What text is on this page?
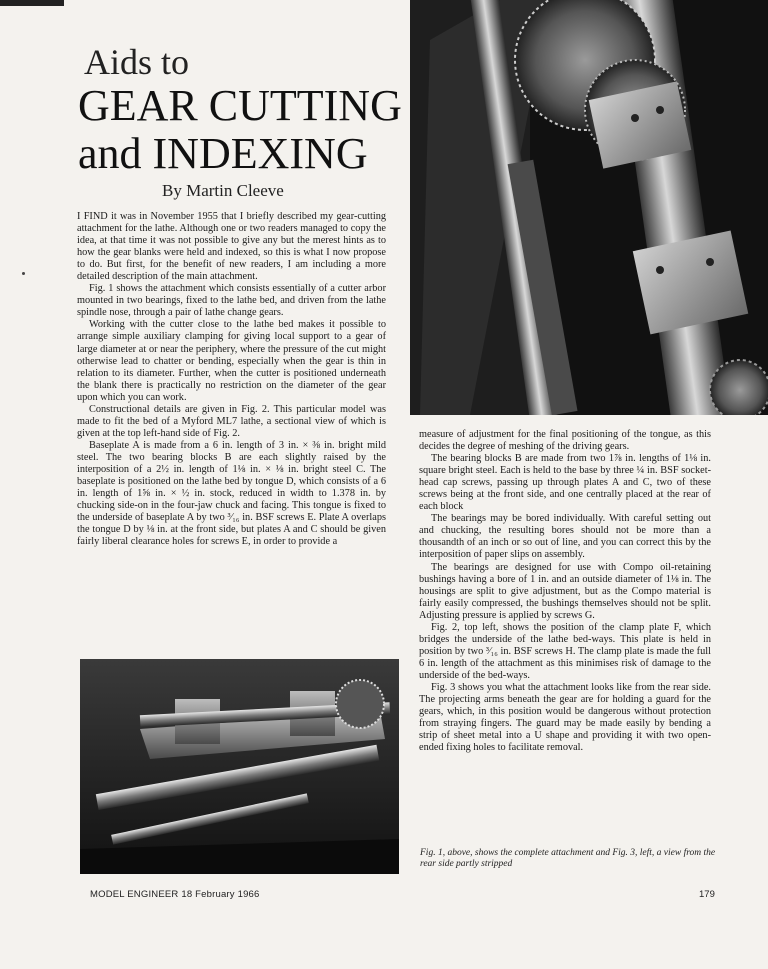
Aids to
GEAR CUTTING
and INDEXING
By Martin Cleeve

I FIND it was in November 1955 that I briefly described my gear-cutting attachment for the lathe. Although one or two readers managed to copy the idea, at that time it was not possible to give any but the merest hints as to how the gear blanks were held and indexed, so this is what I now propose to do. But first, for the benefit of new readers, I am including a more detailed description of the main attachment.

Fig. 1 shows the attachment which consists essentially of a cutter arbor mounted in two bearings, fixed to the lathe bed, and driven from the lathe spindle nose, through a pair of lathe change gears.

Working with the cutter close to the lathe bed makes it possible to arrange simple auxiliary clamping for giving local support to a gear of large diameter at or near the periphery, where the pressure of the cut might otherwise lead to chatter or bending, especially when the gear is thin in relation to its diameter. Further, when the cutter is positioned underneath the blank there is practically no restriction on the diameter of the gear upon which you can work.

Constructional details are given in Fig. 2. This particular model was made to fit the bed of a Myford ML7 lathe, a sectional view of which is given at the top left-hand side of Fig. 2.

Baseplate A is made from a 6 in. length of 3 in. × ⅜ in. bright mild steel. The two bearing blocks B are each slightly raised by the interposition of a 2½ in. length of 1⅛ in. × ⅛ in. bright steel C. The baseplate is positioned on the lathe bed by tongue D, which consists of a 6 in. length of 1⅝ in. × ½ in. stock, reduced in width to 1.378 in. by chucking side-on in the four-jaw chuck and facing. This tongue is fixed to the underside of baseplate A by two ³⁄₁₆ in. BSF screws E. Plate A overlaps the tongue D by ⅛ in. at the front side, but plates A and C should be given fairly liberal clearance holes for screws E, in order to provide a

measure of adjustment for the final positioning of the tongue, as this decides the degree of meshing of the driving gears.

The bearing blocks B are made from two 1⅞ in. lengths of 1⅛ in. square bright steel. Each is held to the base by three ¼ in. BSF socket-head cap screws, passing up through plates A and C, two of these screws being at the front side, and one centrally placed at the rear of each block

The bearings may be bored individually. With careful setting out and chucking, the resulting bores should not be more than a thousandth of an inch or so out of line, and you can correct this by the interposition of paper slips on assembly.

The bearings are designed for use with Compo oil-retaining bushings having a bore of 1 in. and an outside diameter of 1⅛ in. The housings are split to give adjustment, but as the Compo material is fairly easily compressed, the bushings themselves should not be split. Adjusting pressure is applied by screws G.

Fig. 2, top left, shows the position of the clamp plate F, which bridges the underside of the lathe bed-ways. This plate is held in position by two ³⁄₁₆ in. BSF screws H. The clamp plate is made the full 6 in. length of the attachment as this minimises risk of damage to the underside of the bed-ways.

Fig. 3 shows you what the attachment looks like from the rear side. The projecting arms beneath the gear are for holding a guard for the gears, which, in this position would be dangerous without protection from straying fingers. The guard may be made easily by bending a strip of sheet metal into a U shape and providing it with two open-ended fixing holes to facilitate removal.

Fig. 1, above, shows the complete attachment and Fig. 3, left, a view from the rear side partly stripped
MODEL ENGINEER 18 February 1966	179
